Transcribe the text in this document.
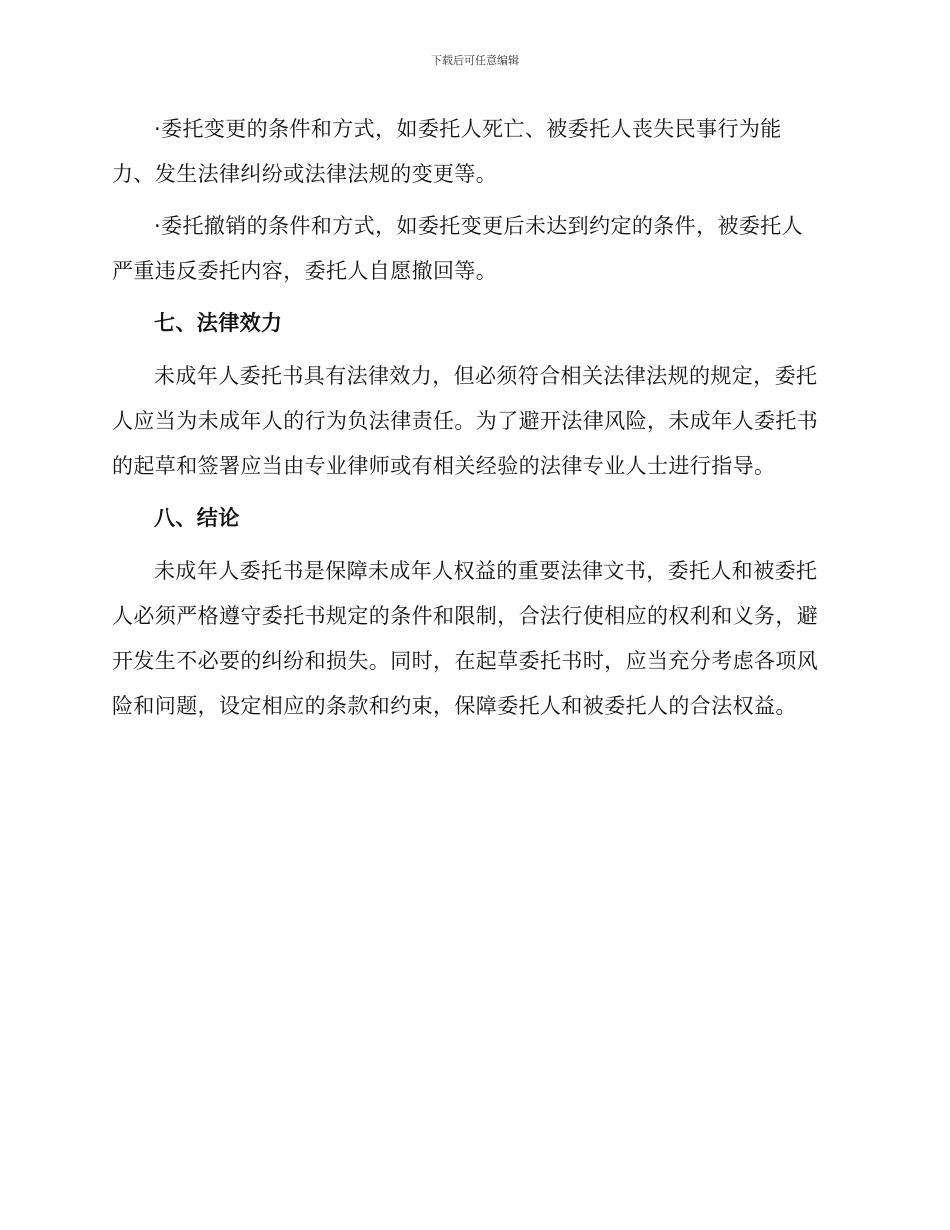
下载后可任意编辑
·委托变更的条件和方式，如委托人死亡、被委托人丧失民事行为能
力、发生法律纠纷或法律法规的变更等。
·委托撤销的条件和方式，如委托变更后未达到约定的条件，被委托人
严重违反委托内容，委托人自愿撤回等。
七、法律效力
未成年人委托书具有法律效力，但必须符合相关法律法规的规定，委托
人应当为未成年人的行为负法律责任。为了避开法律风险，未成年人委托书
的起草和签署应当由专业律师或有相关经验的法律专业人士进行指导。
八、结论
未成年人委托书是保障未成年人权益的重要法律文书，委托人和被委托
人必须严格遵守委托书规定的条件和限制，合法行使相应的权利和义务，避
开发生不必要的纠纷和损失。同时，在起草委托书时，应当充分考虑各项风
险和问题，设定相应的条款和约束，保障委托人和被委托人的合法权益。
